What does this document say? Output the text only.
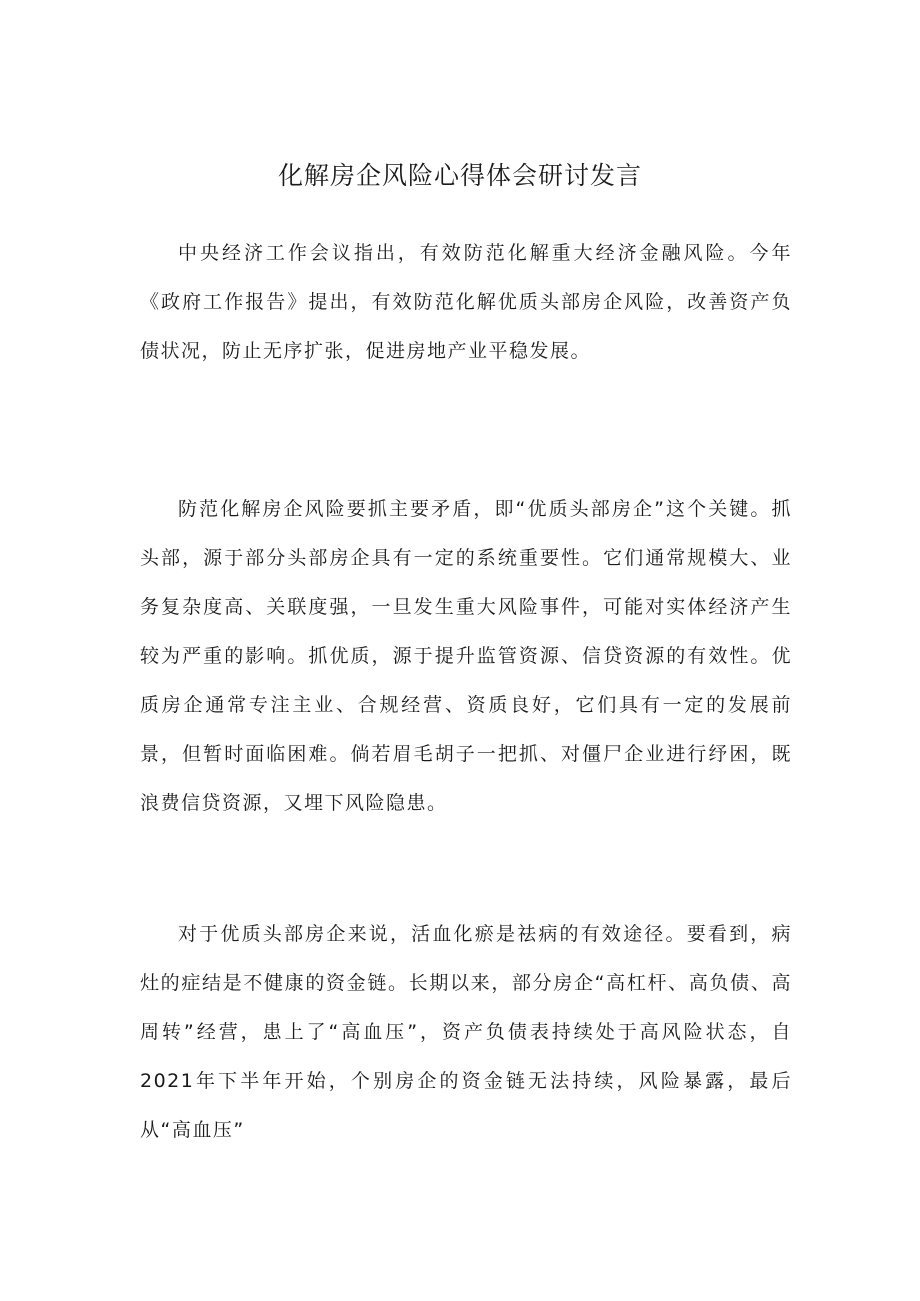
化解房企风险心得体会研讨发言

中央经济工作会议指出，有效防范化解重大经济金融风险。今年《政府工作报告》提出，有效防范化解优质头部房企风险，改善资产负债状况，防止无序扩张，促进房地产业平稳发展。

防范化解房企风险要抓主要矛盾，即“优质头部房企”这个关键。抓头部，源于部分头部房企具有一定的系统重要性。它们通常规模大、业务复杂度高、关联度强，一旦发生重大风险事件，可能对实体经济产生较为严重的影响。抓优质，源于提升监管资源、信贷资源的有效性。优质房企通常专注主业、合规经营、资质良好，它们具有一定的发展前景，但暂时面临困难。倘若眉毛胡子一把抓、对僵尸企业进行纾困，既浪费信贷资源，又埋下风险隐患。

对于优质头部房企来说，活血化瘀是祛病的有效途径。要看到，病灶的症结是不健康的资金链。长期以来，部分房企“高杠杆、高负债、高周转”经营，患上了“高血压”，资产负债表持续处于高风险状态，自2021年下半年开始，个别房企的资金链无法持续，风险暴露，最后从“高血压”
